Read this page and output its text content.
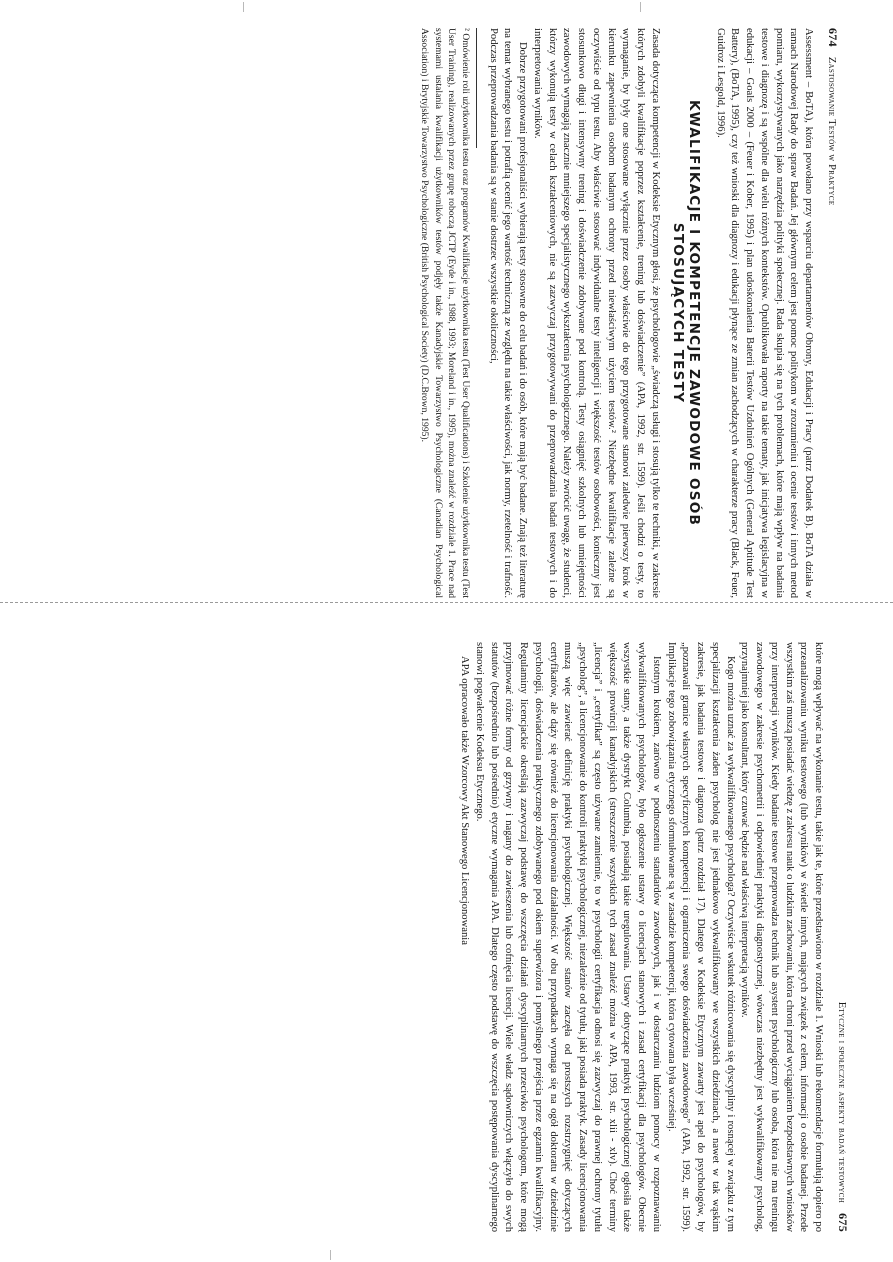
674
Zastosowanie Testów w Praktyce

Assessment – BoTA), która powołano przy wsparciu departamentów Obrony, Edukacji i Pracy (patrz Dodatek B). BoTA działa w ramach Narodowej Rady do spraw Badań. Jej głównym celem jest pomoc politykom w zrozumieniu i ocenie testów i innych metod pomiaru, wykorzystywanych jako narzędzia polityki społecznej. Rada skupia się na tych problemach, które mają wpływ na badania testowe i diagnozę i są wspólne dla wielu różnych kontekstów. Opublikowała raporty na takie tematy, jak inicjatywa legislacyjna w edukacji – Goals 2000 – (Feuer i Kober, 1995) i plan udoskonalenia Baterii Testów Uzdolnień Ogólnych (General Aptitude Test Battery), (BoTA, 1995), czy też wnioski dla diagnozy i edukacji płynące ze zmian zachodzących w charakterze pracy (Black, Feuer, Guidroz i Lesgold, 1996).

KWALIFIKACJE I KOMPETENCJE ZAWODOWE OSÓB STOSUJĄCYCH TESTY

Zasada dotycząca kompetencji w Kodeksie Etycznym głosi, że psychologowie „świadczą usługi i stosują tylko te techniki, w zakresie których zdobyli kwalifikacje poprzez kształcenie, trening lub doświadczenie” (APA, 1992, str. 1599). Jeśli chodzi o testy, to wymaganie, by były one stosowane wyłącznie przez osoby właściwie do tego przygotowane stanowi zaledwie pierwszy krok w kierunku zapewnienia osobom badanym ochrony przed niewłaściwym użyciem testów.² Niezbędne kwalifikacje zależne są oczywiście od typu testu. Aby właściwie stosować indywidualne testy inteligencji i większość testów osobowości, konieczny jest stosunkowo długi i intensywny trening i doświadczenie zdobywane pod kontrolą. Testy osiągnięć szkolnych lub umiejętności zawodowych wymagają znacznie mniejszego specjalistycznego wykształcenia psychologicznego. Należy zwrócić uwagę, że studenci, którzy wykonują testy w celach kształceniowych, nie są zazwyczaj przygotowywani do przeprowadzania badań testowych i do interpretowania wyników.

Dobrze przygotowani profesjonaliści wybierają testy stosowne do celu badań i do osób, które mają być badane. Znają też literaturę na temat wybranego testu i potrafią ocenić jego wartość techniczną ze względu na takie właściwości, jak normy, rzetelność i trafność. Podczas przeprowadzania badania są w stanie dostrzec wszystkie okoliczności,

² Omówienie roli użytkownika testu oraz programów Kwalifikacje użytkownika testu (Test User Qualifications) i Szkolenie użytkownika testu (Test User Training), realizowanych przez grupę roboczą JCTP (Eyde i in., 1988, 1993; Moreland i in., 1995), można znaleźć w rozdziale 1. Prace nad systemami ustalania kwalifikacji użytkowników testów podjęły także Kanadyjskie Towarzystwo Psychologiczne (Canadian Psychological Association) i Brytyjskie Towarzystwo Psychologiczne (British Psychological Society) (D.C.Brown, 1995).

Etyczne i społeczne aspekty badań testowych
675

które mogą wpływać na wykonanie testu, takie jak te, które przedstawiono w rozdziale 1. Wnioski lub rekomendacje formułują dopiero po przeanalizowaniu wyniku testowego (lub wyników) w świetle innych, mających związek z celem, informacji o osobie badanej. Przede wszystkim zaś muszą posiadać wiedzę z zakresu nauk o ludzkim zachowaniu, która chroni przed wyciąganiem bezpodstawnych wniosków przy interpretacji wyników. Kiedy badanie testowe przeprowadza technik lub asystent psychologiczny lub osoba, która nie ma treningu zawodowego w zakresie psychometrii i odpowiedniej praktyki diagnostycznej, wówczas niezbędny jest wykwalifikowany psycholog, przynajmniej jako konsultant, który czuwać będzie nad właściwą interpretacją wyników.

Kogo można uznać za wykwalifikowanego psychologa? Oczywiście wskutek różnicowania się dyscypliny i rosnącej w związku z tym specjalizacji kształcenia żaden psycholog nie jest jednakowo wykwalifikowany we wszystkich dziedzinach, a nawet w tak wąskim zakresie, jak badania testowe i diagnoza (patrz rozdział 17). Dlatego w Kodeksie Etycznym zawarty jest apel do psychologów, by „poznawali granice własnych specyficznych kompetencji i ograniczenia swego doświadczenia zawodowego” (APA, 1992, str. 1599). Implikacje tego zobowiązania etycznego sformułowane są w zasadzie kompetencji, która cytowana była wcześniej.

Istotnym krokiem, zarówno w podnoszeniu standardów zawodowych, jak i w dostarczaniu ludziom pomocy w rozpoznawaniu wykwalifikowanych psychologów, było ogłoszenie ustawy o licencjach stanowych i zasad certyfikacji dla psychologów. Obecnie wszystkie stany, a także dystrykt Columbia, posiadają takie uregulowania. Ustawy dotyczące praktyki psychologicznej ogłosiła także większość prowincji kanadyjskich (streszczenie wszystkich tych zasad znaleźć można w APA, 1993, str. xlii - xlv). Choć terminy „licencja” i „certyfikat” są często używane zamiennie, to w psychologii certyfikacja odnosi się zazwyczaj do prawnej ochrony tytułu „psycholog”, a licencjonowanie do kontroli praktyki psychologicznej, niezależnie od tytułu, jaki posiada praktyk. Zasady licencjonowania muszą więc zawierać definicję praktyki psychologicznej. Większość stanów zaczęła od prostszych rozstrzygnięć dotyczących certyfikatów, ale dąży się również do licencjonowania działalności. W obu przypadkach wymaga się na ogół doktoratu w dziedzinie psychologii, doświadczenia praktycznego zdobywanego pod okiem superwizora i pomyślnego przejścia przez egzamin kwalifikacyjny. Regulaminy licencjackie określają zazwyczaj podstawę do wszczęcia działań dyscyplinarnych przeciwko psychologom, które mogą przyjmować różne formy od grzywny i nagany do zawieszenia lub cofnięcia licencji. Wiele władz sądowniczych włączyło do swych statutów (bezpośrednio lub pośrednio) etyczne wymagania APA. Dlatego często podstawę do wszczęcia postępowania dyscyplinarnego stanowi pogwałcenie Kodeksu Etycznego.

APA opracowało także Wzorcowy Akt Stanowego Licencjonowania
